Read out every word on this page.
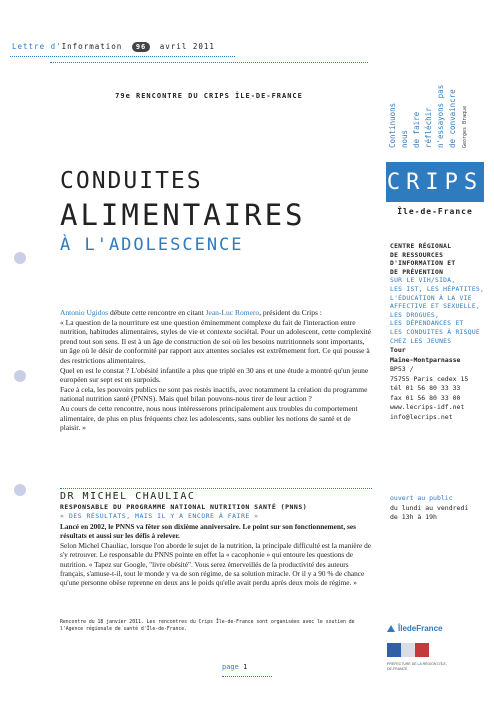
Lettre d'Information 96 avril 2011
79e RENCONTRE DU CRIPS ÎLE-DE-FRANCE
Continuons nous de faire réfléchir n'essayons pas de convaincre Georges Braque
CRIPS
Île-de-France
CONDUITES
ALIMENTAIRES
À L'ADOLESCENCE	CENTRE RÉGIONAL
DE RESSOURCES
D'INFORMATION ET
DE PRÉVENTION
SUR LE VIH/SIDA,
LES IST, LES HÉPATITES,
L'ÉDUCATION À LA VIE
AFFECTIVE ET SEXUELLE,
LES DROGUES,
LES DÉPENDANCES ET
LES CONDUITES À RISQUE
CHEZ LES JEUNES
Tour
Maine-Montparnasse
BP53 /
75755 Paris cedex 15
tél 01 56 80 33 33
fax 01 56 80 33 00
www.lecrips-idf.net
info@lecrips.net
ouvert au public
du lundi au vendredi
de 13h à 19h
Antonio Ugidos débute cette rencontre en citant Jean-Luc Romero, président du Crips :
« La question de la nourriture est une question éminemment complexe du fait de l'interaction entre nutrition, habitudes alimentaires, styles de vie et contexte sociétal. Pour un adolescent, cette complexité prend tout son sens. Il est à un âge de construction de soi où les besoins nutritionnels sont importants, un âge où le désir de conformité par rapport aux attentes sociales est extrêmement fort. Ce qui pousse à des restrictions alimentaires.
Quel en est le constat ? L'obésité infantile a plus que triplé en 30 ans et une étude a montré qu'un jeune européen sur sept est en surpoids.
Face à cela, les pouvoirs publics ne sont pas restés inactifs, avec notamment la création du programme national nutrition santé (PNNS). Mais quel bilan pouvons-nous tirer de leur action ?
Au cours de cette rencontre, nous nous intéresserons principalement aux troubles du comportement alimentaire, de plus en plus fréquents chez les adolescents, sans oublier les notions de santé et de plaisir. »
DR MICHEL CHAULIAC
RESPONSABLE DU PROGRAMME NATIONAL NUTRITION SANTÉ (PNNS)
« DES RÉSULTATS, MAIS IL Y A ENCORE À FAIRE »
Lancé en 2002, le PNNS va fêter son dixième anniversaire. Le point sur son fonctionnement, ses résultats et aussi sur les défis à relever.
Selon Michel Chauliac, lorsque l'on aborde le sujet de la nutrition, la principale difficulté est la manière de s'y retrouver. Le responsable du PNNS pointe en effet la « cacophonie » qui entoure les questions de nutrition. « Tapez sur Google, "livre obésité". Vous serez émerveillés de la productivité des auteurs français, s'amuse-t-il, tout le monde y va de son régime, de sa solution miracle. Or il y a 90 % de chance qu'une personne obèse reprenne en deux ans le poids qu'elle avait perdu après deux mois de régime. »
Rencontre du 18 janvier 2011. Les rencontres du Crips Île-de-France sont organisées avec le soutien de l'Agence régionale de santé d'Île-de-France.
page 1
ÎledeFrance
PRÉFECTURE DE LA RÉGION D'ÎLE-DE-FRANCE
